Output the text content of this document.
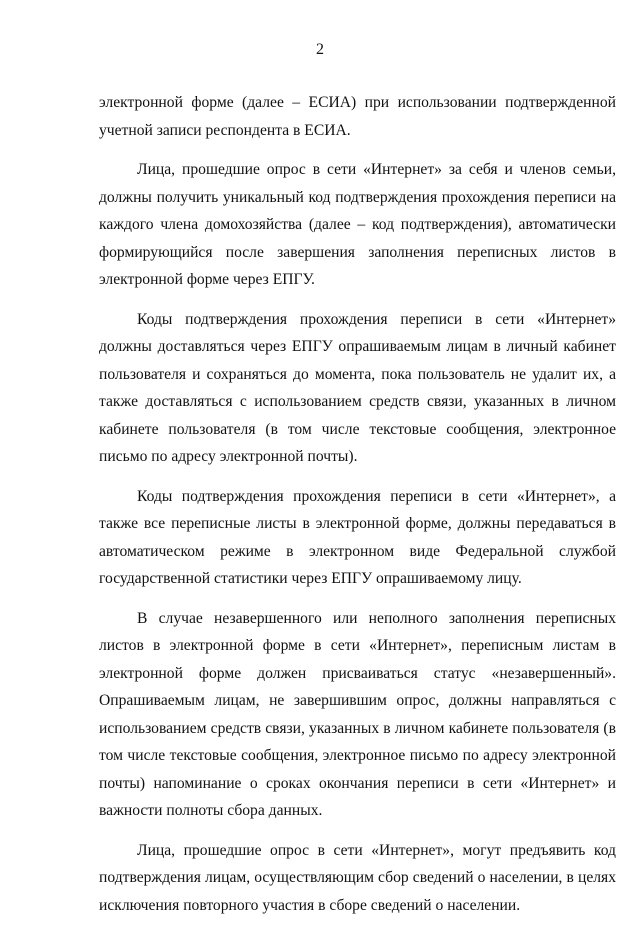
2

электронной форме (далее – ЕСИА) при использовании подтвержденной учетной записи респондента в ЕСИА.

Лица, прошедшие опрос в сети «Интернет» за себя и членов семьи, должны получить уникальный код подтверждения прохождения переписи на каждого члена домохозяйства (далее – код подтверждения), автоматически формирующийся после завершения заполнения переписных листов в электронной форме через ЕПГУ.

Коды подтверждения прохождения переписи в сети «Интернет» должны доставляться через ЕПГУ опрашиваемым лицам в личный кабинет пользователя и сохраняться до момента, пока пользователь не удалит их, а также доставляться с использованием средств связи, указанных в личном кабинете пользователя (в том числе текстовые сообщения, электронное письмо по адресу электронной почты).

Коды подтверждения прохождения переписи в сети «Интернет», а также все переписные листы в электронной форме, должны передаваться в автоматическом режиме в электронном виде Федеральной службой государственной статистики через ЕПГУ опрашиваемому лицу.

В случае незавершенного или неполного заполнения переписных листов в электронной форме в сети «Интернет», переписным листам в электронной форме должен присваиваться статус «незавершенный». Опрашиваемым лицам, не завершившим опрос, должны направляться с использованием средств связи, указанных в личном кабинете пользователя (в том числе текстовые сообщения, электронное письмо по адресу электронной почты) напоминание о сроках окончания переписи в сети «Интернет» и важности полноты сбора данных.

Лица, прошедшие опрос в сети «Интернет», могут предъявить код подтверждения лицам, осуществляющим сбор сведений о населении, в целях исключения повторного участия в сборе сведений о населении.
